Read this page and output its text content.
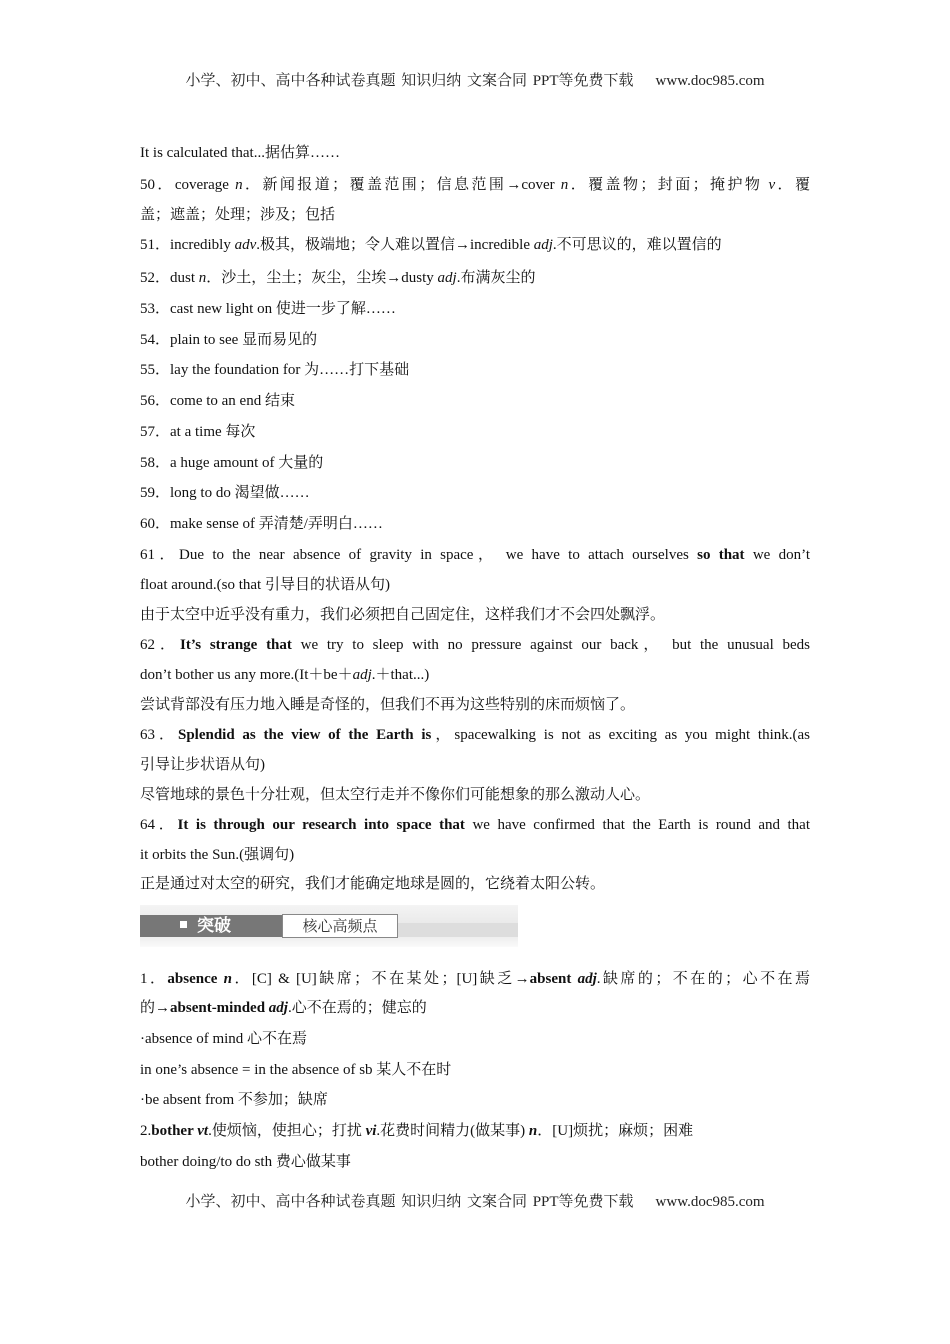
小学、初中、高中各种试卷真题 知识归纳 文案合同 PPT等免费下载 www.doc985.com
It is calculated that...据估算……
50．coverage n．新闻报道；覆盖范围；信息范围→cover n．覆盖物；封面；掩护物 v．覆
盖；遮盖；处理；涉及；包括
51．incredibly adv.极其，极端地；令人难以置信→incredible adj.不可思议的，难以置信的
52．dust n．沙土，尘土；灰尘，尘埃→dusty adj.布满灰尘的
53．cast new light on 使进一步了解……
54．plain to see 显而易见的
55．lay the foundation for 为……打下基础
56．come to an end 结束
57．at a time 每次
58．a huge amount of 大量的
59．long to do 渴望做……
60．make sense of 弄清楚/弄明白……
61．Due to the near absence of gravity in space， we have to attach ourselves so that we don’t
float around.(so that 引导目的状语从句)
由于太空中近乎没有重力，我们必须把自己固定住，这样我们才不会四处飘浮。
62．It’s strange that we try to sleep with no pressure against our back， but the unusual beds
don’t bother us any more.(It＋be＋adj.＋that...)
尝试背部没有压力地入睡是奇怪的，但我们不再为这些特别的床而烦恼了。
63．Splendid as the view of the Earth is，spacewalking is not as exciting as you might think.(as
引导让步状语从句)
尽管地球的景色十分壮观，但太空行走并不像你们可能想象的那么激动人心。
64．It is through our research into space that we have confirmed that the Earth is round and that
it orbits the Sun.(强调句)
正是通过对太空的研究，我们才能确定地球是圆的，它绕着太阳公转。
1．absence n．[C] & [U]缺席；不在某处；[U]缺乏→absent adj.缺席的；不在的；心不在焉
的→absent-minded adj.心不在焉的；健忘的
·absence of mind 心不在焉
in one’s absence = in the absence of sb 某人不在时
·be absent from 不参加；缺席
2.bother vt.使烦恼，使担心；打扰 vi.花费时间精力(做某事) n．[U]烦扰；麻烦；困难
bother doing/to do sth 费心做某事
突破	核心高频点
小学、初中、高中各种试卷真题 知识归纳 文案合同 PPT等免费下载 www.doc985.com
